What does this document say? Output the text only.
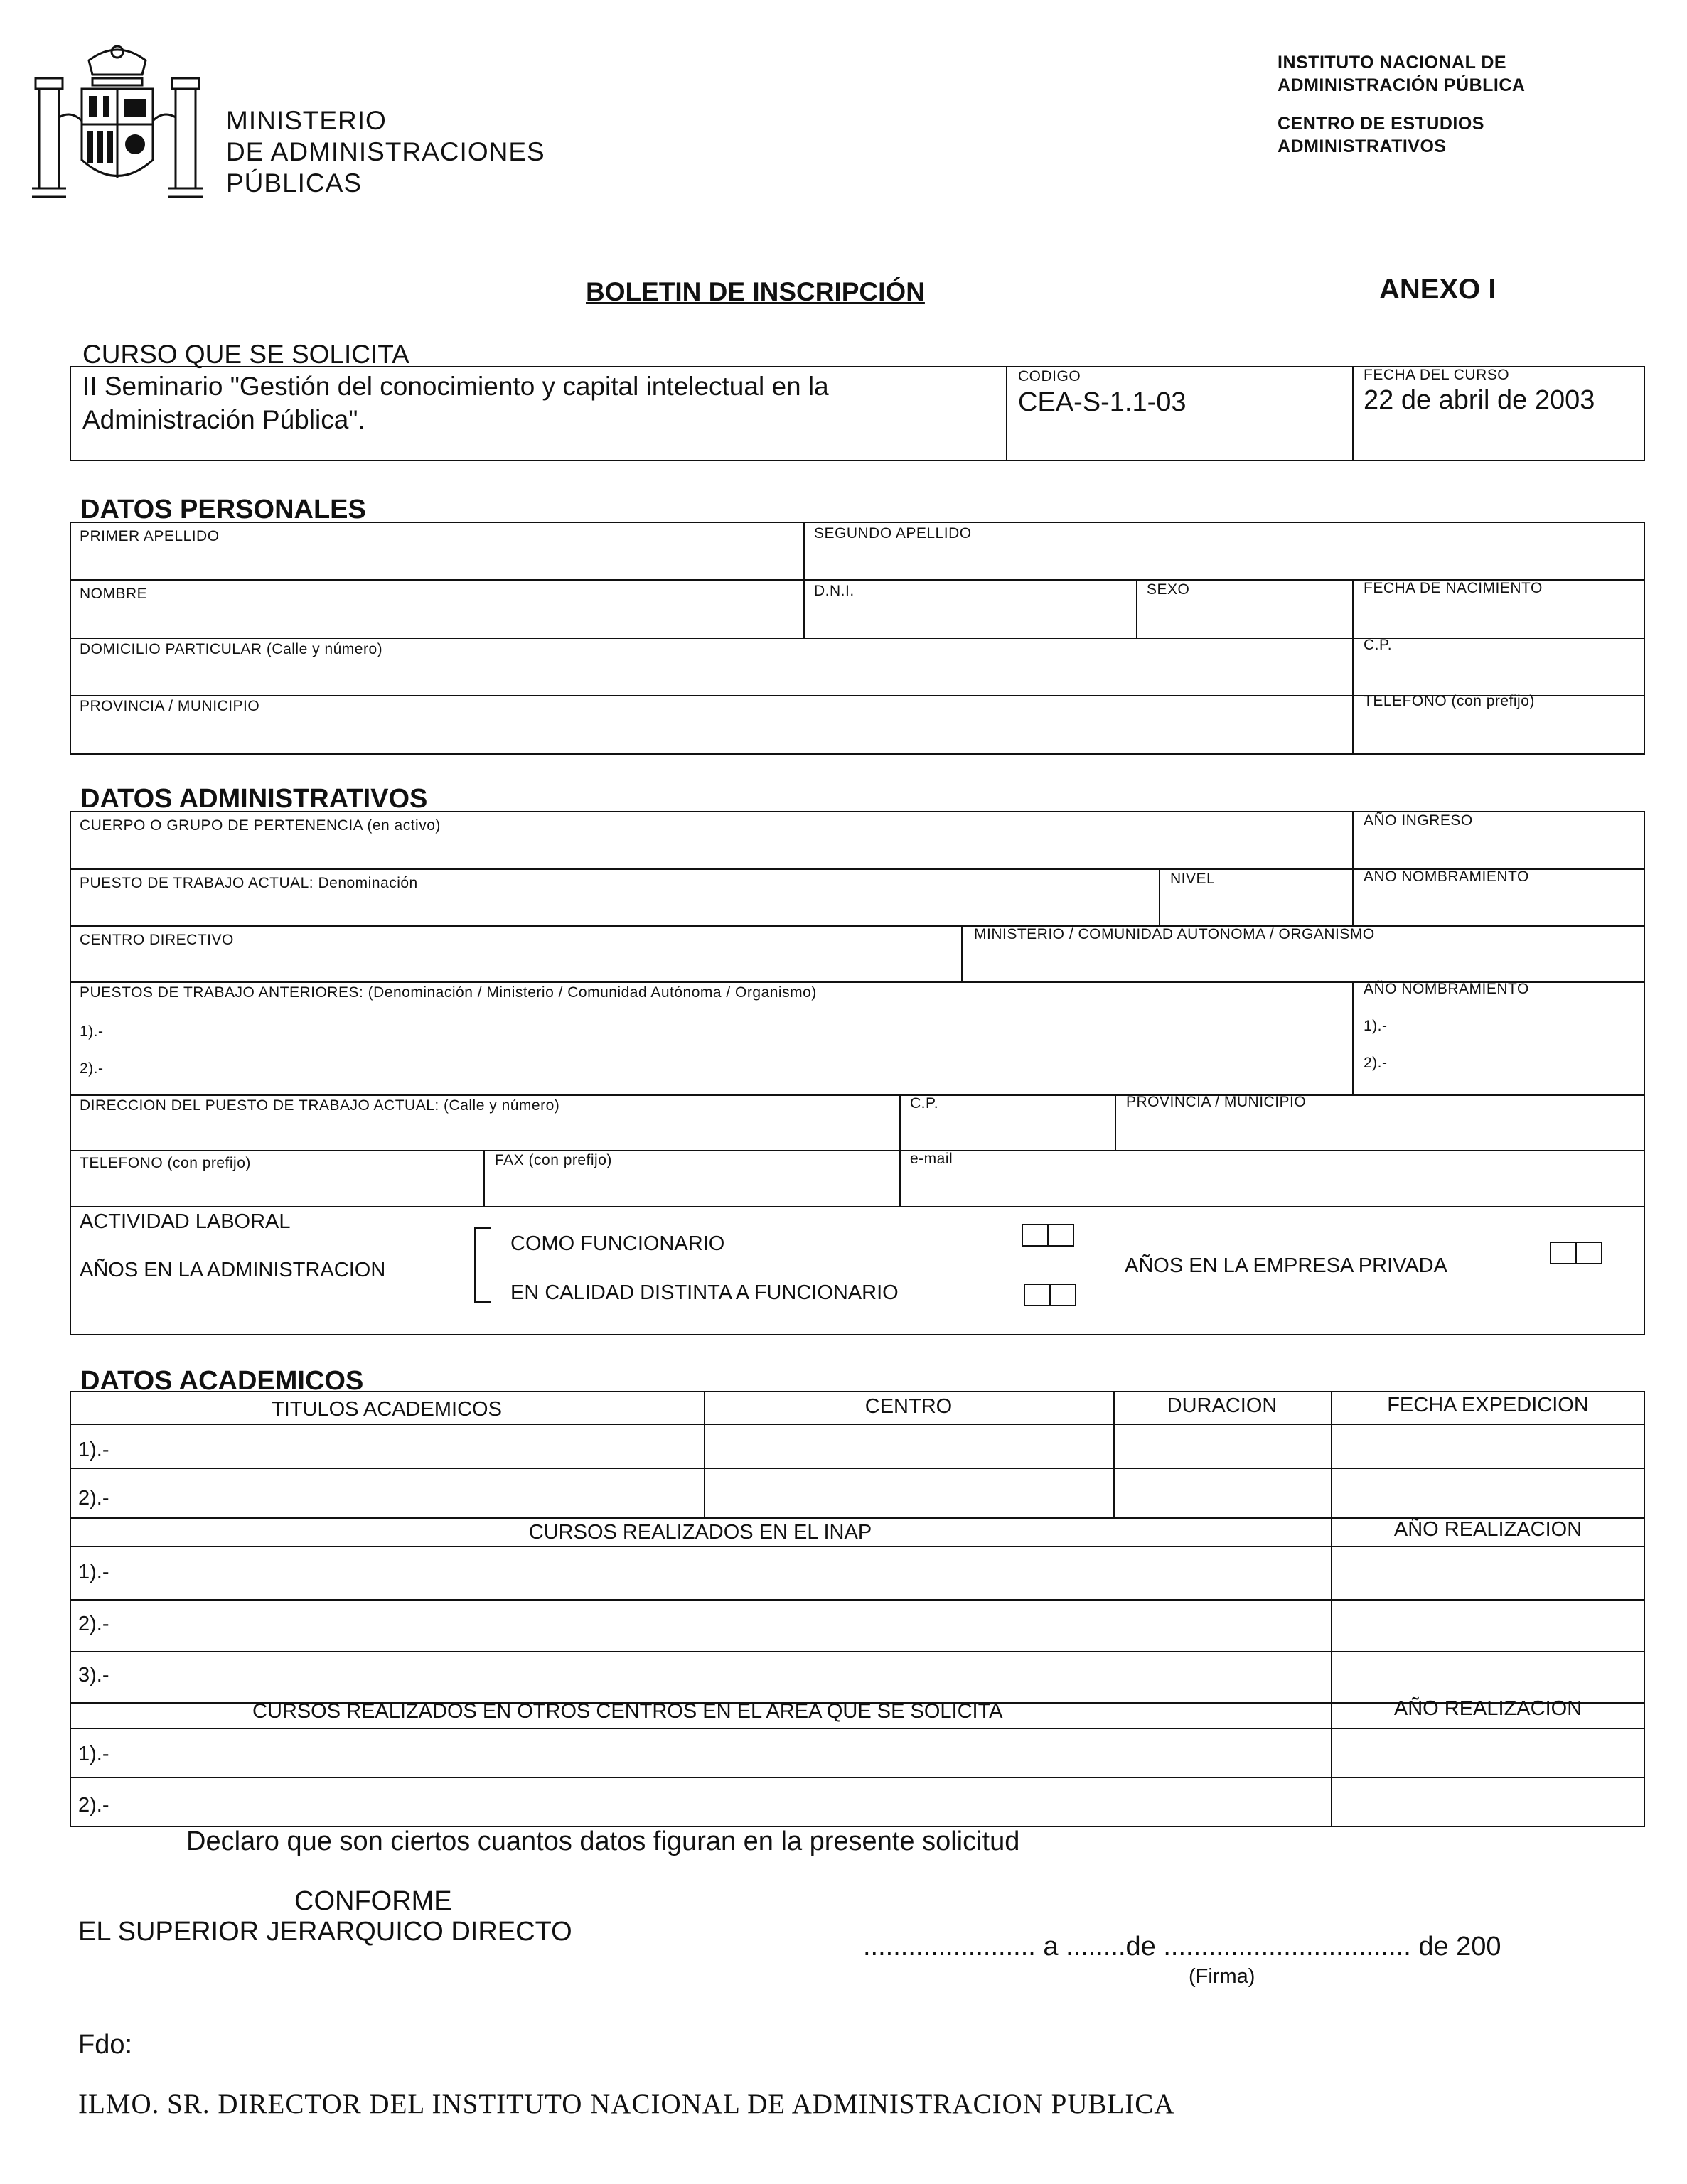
MINISTERIO
DE ADMINISTRACIONES
PÚBLICAS
INSTITUTO NACIONAL DE
ADMINISTRACIÓN PÚBLICA
CENTRO DE ESTUDIOS
ADMINISTRATIVOS
BOLETIN DE INSCRIPCIÓN	ANEXO I
CURSO QUE SE SOLICITA
II Seminario "Gestión del conocimiento y capital intelectual en la
Administración Pública".
CODIGO
CEA-S-1.1-03
FECHA DEL CURSO
22 de abril de 2003
DATOS PERSONALES
PRIMER APELLIDO	SEGUNDO APELLIDO
NOMBRE	D.N.I.	SEXO	FECHA DE NACIMIENTO
DOMICILIO PARTICULAR (Calle y número)	C.P.
PROVINCIA / MUNICIPIO	TELEFONO (con prefijo)
DATOS ADMINISTRATIVOS
CUERPO O GRUPO DE PERTENENCIA (en activo)	AÑO INGRESO
PUESTO DE TRABAJO ACTUAL: Denominación	NIVEL	AÑO NOMBRAMIENTO
CENTRO DIRECTIVO	MINISTERIO / COMUNIDAD AUTONOMA / ORGANISMO
PUESTOS DE TRABAJO ANTERIORES: (Denominación / Ministerio / Comunidad Autónoma / Organismo)	AÑO NOMBRAMIENTO
1).-
2).-
1).-
2).-
DIRECCION DEL PUESTO DE TRABAJO ACTUAL: (Calle y número)	C.P.	PROVINCIA / MUNICIPIO
TELEFONO (con prefijo)	FAX (con prefijo)	e-mail
ACTIVIDAD LABORAL
AÑOS EN LA ADMINISTRACION
COMO FUNCIONARIO
EN CALIDAD DISTINTA A FUNCIONARIO
AÑOS EN LA EMPRESA PRIVADA
DATOS ACADEMICOS
TITULOS ACADEMICOS	CENTRO	DURACION	FECHA EXPEDICION
1).-
2).-
CURSOS REALIZADOS EN EL INAP	AÑO REALIZACION
1).-
2).-
3).-
CURSOS REALIZADOS EN OTROS CENTROS EN EL AREA QUE SE SOLICITA	AÑO REALIZACION
1).-
2).-
Declaro que son ciertos cuantos datos figuran en la presente solicitud
CONFORME
EL SUPERIOR JERARQUICO DIRECTO	....................... a ........de ................................. de 200
(Firma)
Fdo:
ILMO. SR. DIRECTOR DEL INSTITUTO NACIONAL DE ADMINISTRACION PUBLICA
